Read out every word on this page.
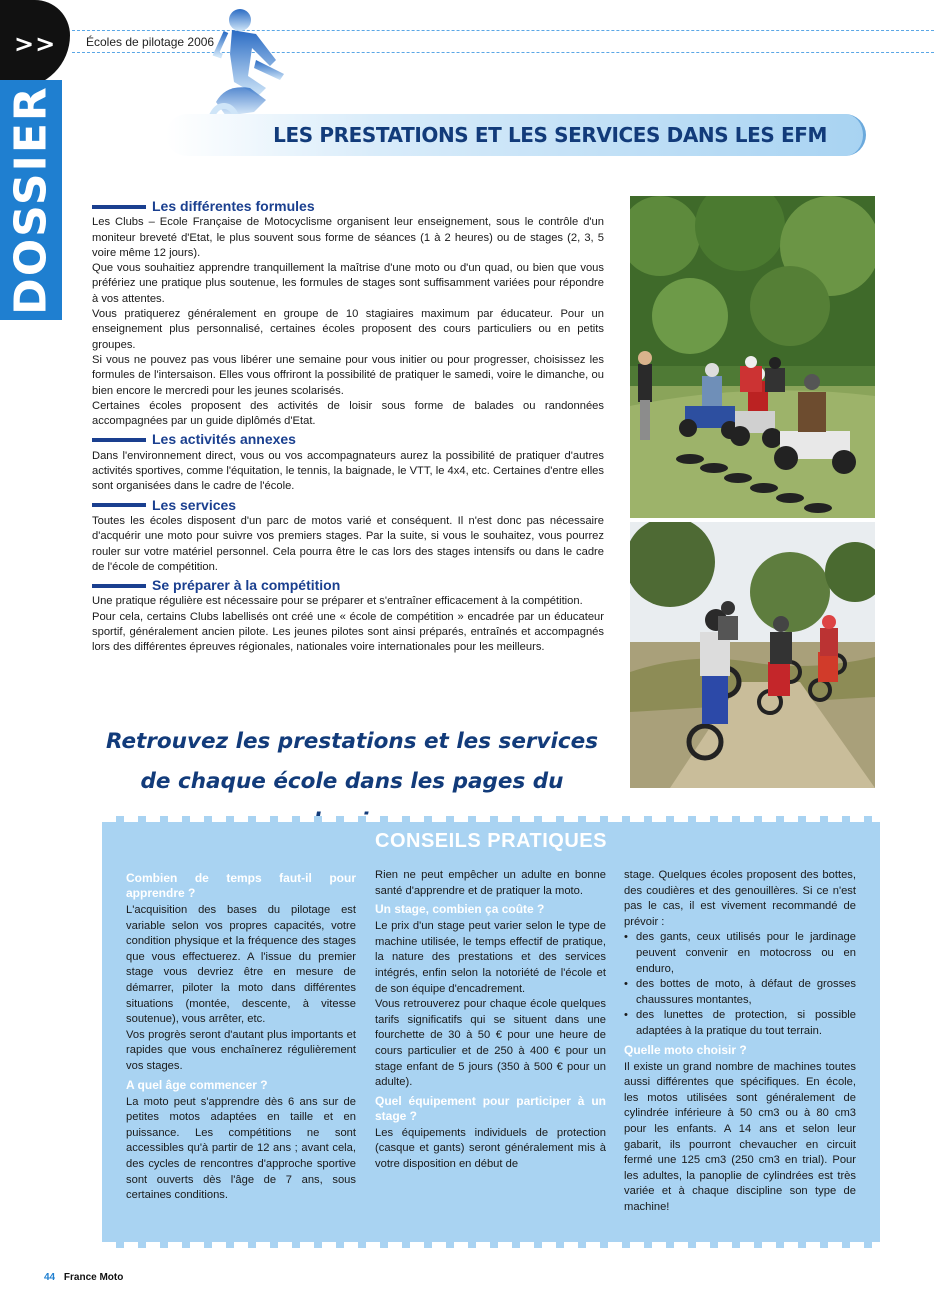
>>
DOSSIER
Écoles de pilotage 2006
LES PRESTATIONS ET LES SERVICES DANS LES EFM
Les différentes formules

Les Clubs – Ecole Française de Motocyclisme organisent leur enseignement, sous le contrôle d'un moniteur breveté d'Etat, le plus souvent sous forme de séances (1 à 2 heures) ou de stages (2, 3, 5 voire même 12 jours).

Que vous souhaitiez apprendre tranquillement la maîtrise d'une moto ou d'un quad, ou bien que vous préfériez une pratique plus soutenue, les formules de stages sont suffisamment variées pour répondre à vos attentes.

Vous pratiquerez généralement en groupe de 10 stagiaires maximum par éducateur. Pour un enseignement plus personnalisé, certaines écoles proposent des cours particuliers ou en petits groupes.

Si vous ne pouvez pas vous libérer une semaine pour vous initier ou pour progresser, choisissez les formules de l'intersaison. Elles vous offriront la possibilité de pratiquer le samedi, voire le dimanche, ou bien encore le mercredi pour les jeunes scolarisés.

Certaines écoles proposent des activités de loisir sous forme de balades ou randonnées accompagnées par un guide diplômés d'Etat.

Les activités annexes

Dans l'environnement direct, vous ou vos accompagnateurs aurez la possibilité de pratiquer d'autres activités sportives, comme l'équitation, le tennis, la baignade, le VTT, le 4x4, etc. Certaines d'entre elles sont organisées dans le cadre de l'école.

Les services

Toutes les écoles disposent d'un parc de motos varié et conséquent. Il n'est donc pas nécessaire d'acquérir une moto pour suivre vos premiers stages. Par la suite, si vous le souhaitez, vous pourrez rouler sur votre matériel personnel. Cela pourra être le cas lors des stages intensifs ou dans le cadre de l'école de compétition.

Se préparer à la compétition

Une pratique régulière est nécessaire pour se préparer et s'entraîner efficacement à la compétition.

Pour cela, certains Clubs labellisés ont créé une « école de compétition » encadrée par un éducateur sportif, généralement ancien pilote. Les jeunes pilotes sont ainsi préparés, entraînés et accompagnés lors des différentes épreuves régionales, nationales voire internationales pour les meilleurs.

Retrouvez les prestations et les services
de chaque école dans les pages du
CONSEILS PRATIQUES
Combien de temps faut-il pour apprendre ?

L'acquisition des bases du pilotage est variable selon vos propres capacités, votre condition physique et la fréquence des stages que vous effectuerez. A l'issue du premier stage vous devriez être en mesure de démarrer, piloter la moto dans différentes situations (montée, descente, à vitesse soutenue), vous arrêter, etc.

Vos progrès seront d'autant plus importants et rapides que vous enchaînerez régulièrement vos stages.

A quel âge commencer ?

La moto peut s'apprendre dès 6 ans sur de petites motos adaptées en taille et en puissance. Les compétitions ne sont accessibles qu'à partir de 12 ans ; avant cela, des cycles de rencontres d'approche sportive sont ouverts dès l'âge de 7 ans, sous certaines conditions.

Rien ne peut empêcher un adulte en bonne santé d'apprendre et de pratiquer la moto.

Un stage, combien ça coûte ?

Le prix d'un stage peut varier selon le type de machine utilisée, le temps effectif de pratique, la nature des prestations et des services intégrés, enfin selon la notoriété de l'école et de son équipe d'encadrement.

Vous retrouverez pour chaque école quelques tarifs significatifs qui se situent dans une fourchette de 30 à 50 € pour une heure de cours particulier et de 250 à 400 € pour un stage enfant de 5 jours (350 à 500 € pour un adulte).

Quel équipement pour participer à un stage ?

Les équipements individuels de protection (casque et gants) seront généralement mis à votre disposition en début de

stage. Quelques écoles proposent des bottes, des coudières et des genouillères. Si ce n'est pas le cas, il est vivement recommandé de prévoir :

• des gants, ceux utilisés pour le jardinage peuvent convenir en motocross ou en enduro,
• des bottes de moto, à défaut de grosses chaussures montantes,
• des lunettes de protection, si possible adaptées à la pratique du tout terrain.
Quelle moto choisir ?

Il existe un grand nombre de machines toutes aussi différentes que spécifiques. En école, les motos utilisées sont généralement de cylindrée inférieure à 50 cm3 ou à 80 cm3 pour les enfants. A 14 ans et selon leur gabarit, ils pourront chevaucher en circuit fermé une 125 cm3 (250 cm3 en trial). Pour les adultes, la panoplie de cylindrées est très variée et à chaque discipline son type de machine!

44 France Moto
